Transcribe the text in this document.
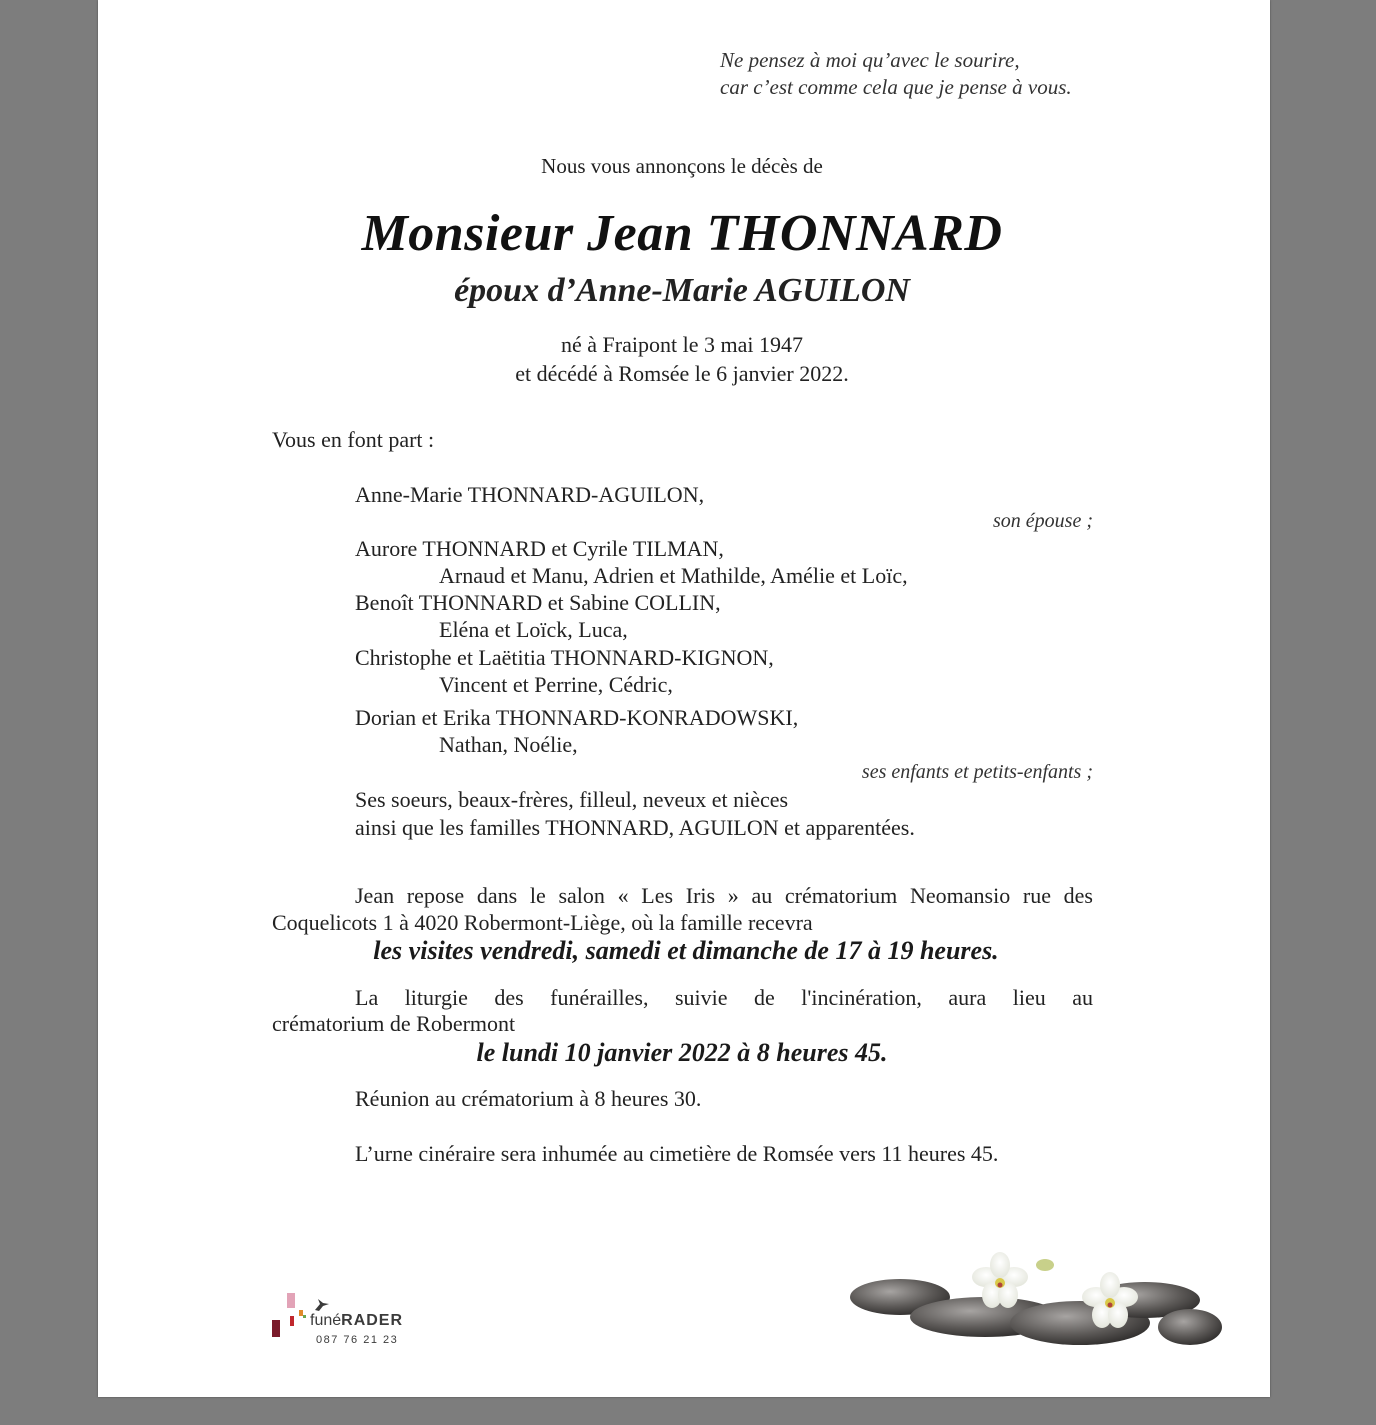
Ne pensez à moi qu’avec le sourire,
car c’est comme cela que je pense à vous.
Nous vous annonçons le décès de
Monsieur Jean THONNARD
époux d’Anne-Marie AGUILON
né à Fraipont le 3 mai 1947
et décédé à Romsée le 6 janvier 2022.
Vous en font part :
Anne-Marie THONNARD-AGUILON,
son épouse ;
Aurore THONNARD et Cyrile TILMAN,
Arnaud et Manu, Adrien et Mathilde, Amélie et Loïc,
Benoît THONNARD et Sabine COLLIN,
Eléna et Loïck, Luca,
Christophe et Laëtitia THONNARD-KIGNON,
Vincent et Perrine, Cédric,
Dorian et Erika THONNARD-KONRADOWSKI,
Nathan, Noélie,
ses enfants et petits-enfants ;
Ses soeurs, beaux-frères, filleul, neveux et nièces
ainsi que les familles THONNARD, AGUILON et apparentées.
Jean repose dans le salon « Les Iris » au crématorium Neomansio rue des
Coquelicots 1 à 4020 Robermont-Liège, où la famille recevra
les visites vendredi, samedi et dimanche de 17 à 19 heures.
La liturgie des funérailles, suivie de l'incinération, aura lieu au
crématorium de Robermont
le lundi 10 janvier 2022 à 8 heures 45.
Réunion au crématorium à 8 heures 30.
L’urne cinéraire sera inhumée au cimetière de Romsée vers 11 heures 45.
funéRADER
087 76 21 23
